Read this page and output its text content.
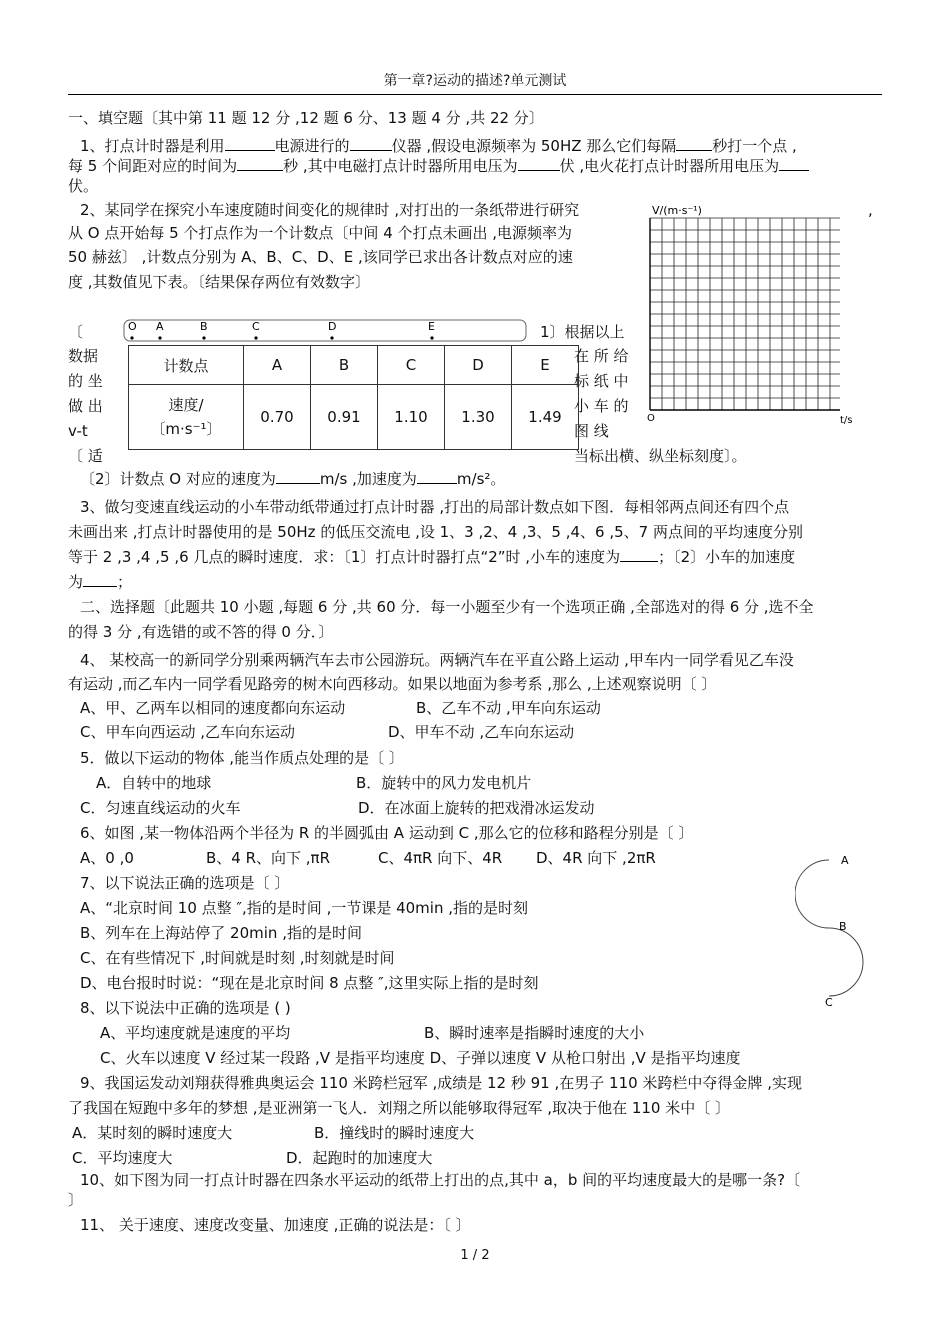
第一章?运动的描述?单元测试
一、填空题〔其中第 11 题 12 分 ,12 题 6 分、13 题 4 分 ,共 22 分〕
1、打点计时器是利用	电源进行的	仪器 ,假设电源频率为 50HZ 那么它们每隔 秒打一个点 ,
每 5 个间距对应的时间为	秒 ,其中电磁打点计时器所用电压为	伏 ,电火花打点计时器所用电压为
伏。
2、某同学在探究小车速度随时间变化的规律时 ,对打出的一条纸带进行研究	,
从 O 点开始每 5 个打点作为一个计数点〔中间 4 个打点未画出 ,电源频率为
50 赫兹〕 ,计数点分别为 A、B、C、D、E ,该同学已求出各计数点对应的速
度 ,其数值见下表。〔结果保存两位有效数字〕
V/(m·s⁻¹)
t/s
O
O A	B	C	D	E
〔	1〕根据以上
数据	在 所 给
的 坐	标 纸 中
做 出	小 车 的
v-t	图 线
〔 适	当标出横、纵坐标刻度〕。
计数点	A	B	C	D	E
速度/
〔m·s⁻¹〕	0.70	0.91	1.10	1.30	1.49
〔2〕计数点 O 对应的速度为	m/s ,加速度为	m/s²。
3、做匀变速直线运动的小车带动纸带通过打点计时器 ,打出的局部计数点如下图．每相邻两点间还有四个点
未画出来 ,打点计时器使用的是 50Hz 的低压交流电 ,设 1、3 ,2、4 ,3、5 ,4、6 ,5、7 两点间的平均速度分别
等于 2 ,3 ,4 ,5 ,6 几点的瞬时速度．求：〔1〕打点计时器打点“2”时 ,小车的速度为	；〔2〕小车的加速度
为 ；
二、选择题〔此题共 10 小题 ,每题 6 分 ,共 60 分．每一小题至少有一个选项正确 ,全部选对的得 6 分 ,选不全
的得 3 分 ,有选错的或不答的得 0 分．〕
4、 某校高一的新同学分别乘两辆汽车去市公园游玩。两辆汽车在平直公路上运动 ,甲车内一同学看见乙车没
有运动 ,而乙车内一同学看见路旁的树木向西移动。如果以地面为参考系 ,那么 ,上述观察说明〔 〕
A、甲、乙两车以相同的速度都向东运动	B、乙车不动 ,甲车向东运动
C、甲车向西运动 ,乙车向东运动	D、甲车不动 ,乙车向东运动
5．做以下运动的物体 ,能当作质点处理的是〔 〕
A．自转中的地球	B．旋转中的风力发电机片
C．匀速直线运动的火车	D．在冰面上旋转的把戏滑冰运发动
6、如图 ,某一物体沿两个半径为 R 的半圆弧由 A 运动到 C ,那么它的位移和路程分别是〔 〕
A、0 ,0	B、4 R、向下 ,πR	C、4πR 向下、4R D、4R 向下 ,2πR	A
B
C
7、以下说法正确的选项是〔 〕
A、“北京时间 10 点整 ″,指的是时间 ,一节课是 40min ,指的是时刻
B、列车在上海站停了 20min ,指的是时间
C、在有些情况下 ,时间就是时刻 ,时刻就是时间
D、电台报时时说：“现在是北京时间 8 点整 ″,这里实际上指的是时刻
8、以下说法中正确的选项是 ( )
A、平均速度就是速度的平均	B、瞬时速率是指瞬时速度的大小
C、火车以速度 V 经过某一段路 ,V 是指平均速度 D、子弹以速度 V 从枪口射出 ,V 是指平均速度
9、我国运发动刘翔获得雅典奥运会 110 米跨栏冠军 ,成绩是 12 秒 91 ,在男子 110 米跨栏中夺得金牌 ,实现
了我国在短跑中多年的梦想 ,是亚洲第一飞人．刘翔之所以能够取得冠军 ,取决于他在 110 米中〔 〕
A．某时刻的瞬时速度大	B．撞线时的瞬时速度大
C．平均速度大	D．起跑时的加速度大
10、如下图为同一打点计时器在四条水平运动的纸带上打出的点,其中 a，b 间的平均速度最大的是哪一条?〔
〕
11、 关于速度、速度改变量、加速度 ,正确的说法是：〔 〕
1 / 2
